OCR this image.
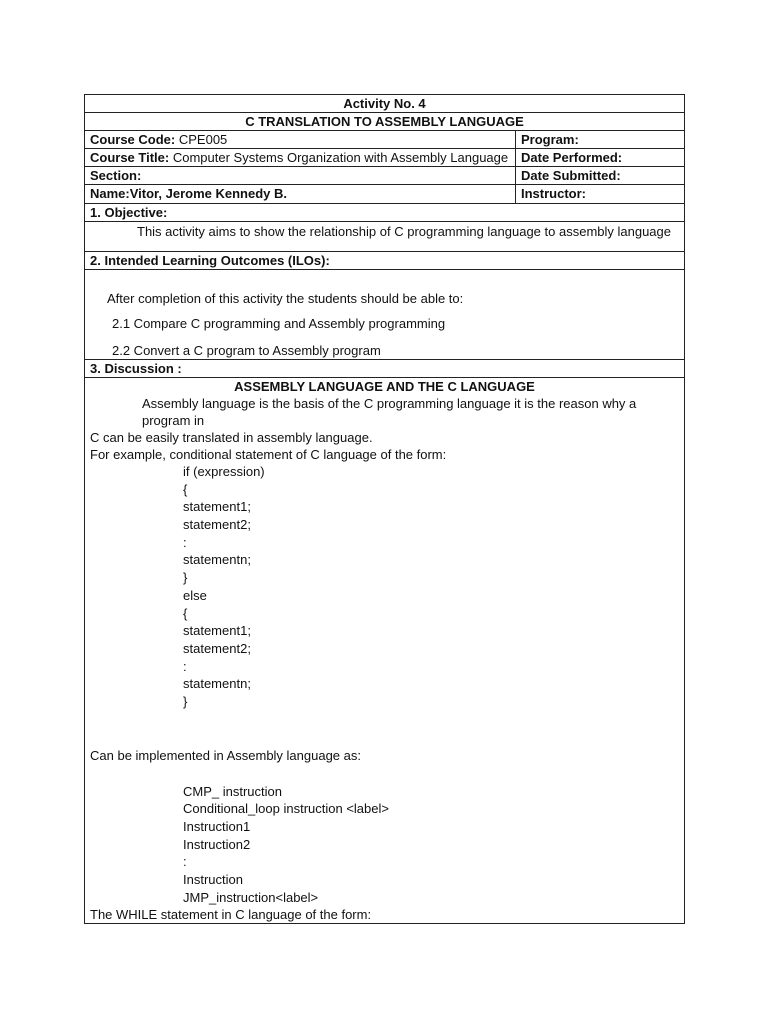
Activity No. 4
C TRANSLATION TO ASSEMBLY LANGUAGE
Course Code: CPE005	Program:
Course Title: Computer Systems Organization with Assembly Language Date Performed:
Section:	Date Submitted:
Name:Vitor, Jerome Kennedy B.	Instructor:
1. Objective:
This activity aims to show the relationship of C programming language to assembly language
2. Intended Learning Outcomes (ILOs):
After completion of this activity the students should be able to:
2.1 Compare C programming and Assembly programming
2.2 Convert a C program to Assembly program
3. Discussion :
ASSEMBLY LANGUAGE AND THE C LANGUAGE

Assembly language is the basis of the C programming language it is the reason why a program in

C can be easily translated in assembly language.

For example, conditional statement of C language of the form:

if (expression)
{
statement1;
statement2;
:
statementn;
}
else
{
statement1;
statement2;
:
statementn;
}

Can be implemented in Assembly language as:

CMP_ instruction
Conditional_loop instruction <label>
Instruction1
Instruction2
:
Instruction
JMP_instruction<label>

The WHILE statement in C language of the form:
